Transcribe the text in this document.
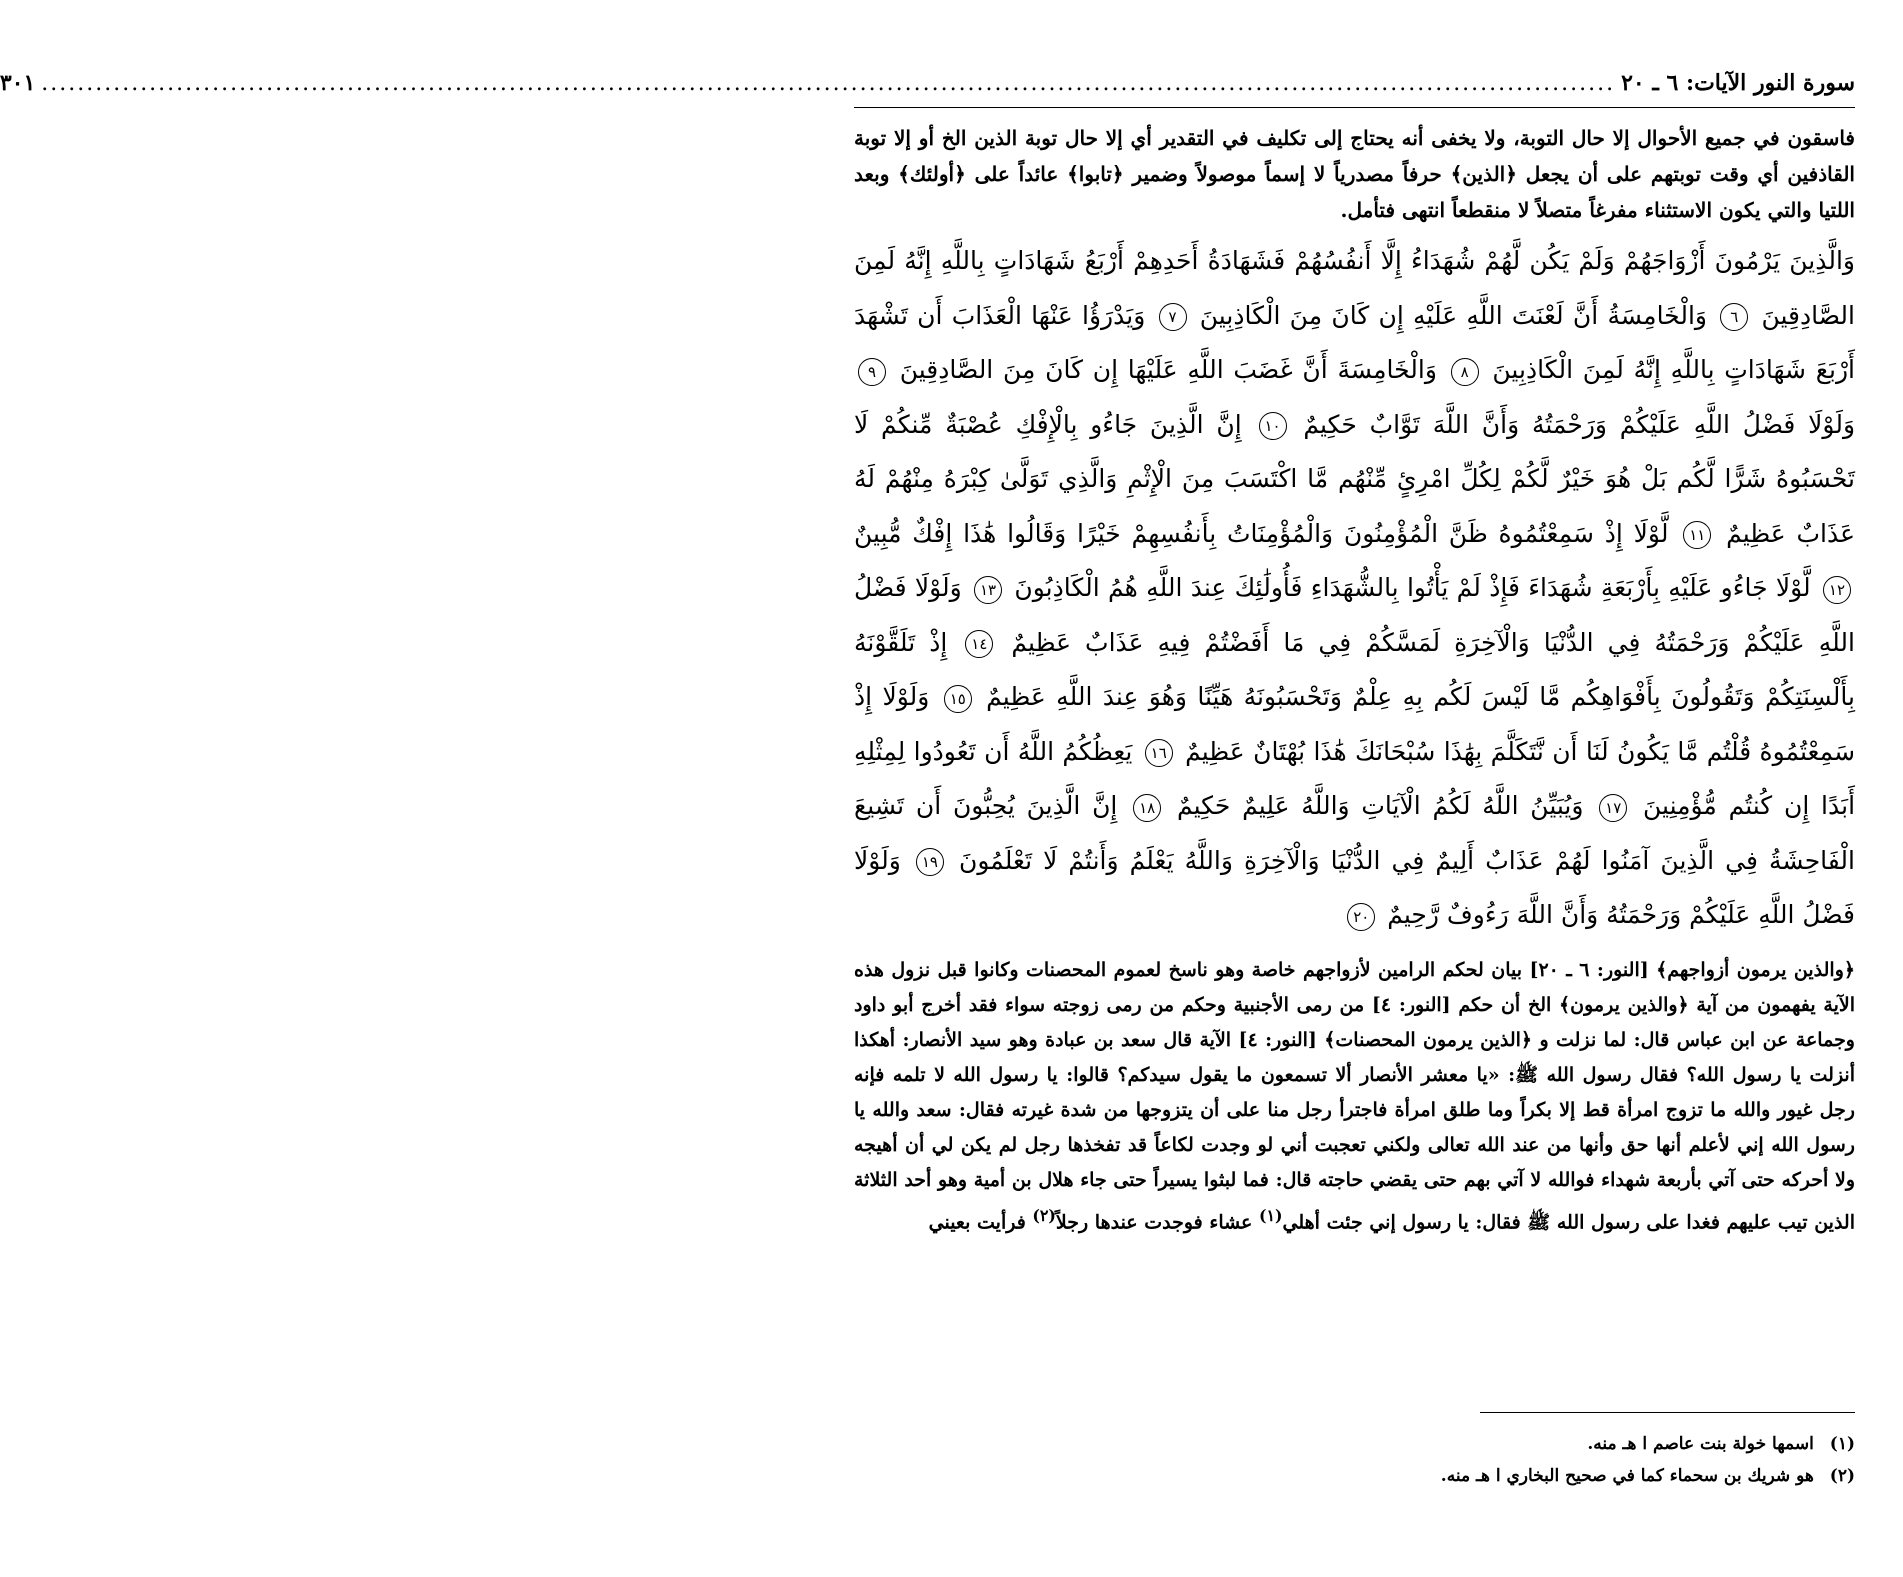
سورة النور الآيات: ٦ ـ ٢٠
...............................................................................................................................................................................
٣٠١

فاسقون في جميع الأحوال إلا حال التوبة، ولا يخفى أنه يحتاج إلى تكليف في التقدير أي إلا حال توبة الذين الخ أو إلا توبة القاذفين أي وقت توبتهم على أن يجعل ﴿الذين﴾ حرفاً مصدرياً لا إسماً موصولاً وضمير ﴿تابوا﴾ عائداً على ﴿أولئك﴾ وبعد اللتيا والتي يكون الاستثناء مفرغاً متصلاً لا منقطعاً انتهى فتأمل.

وَالَّذِينَ يَرْمُونَ أَزْوَاجَهُمْ وَلَمْ يَكُن لَّهُمْ شُهَدَاءُ إِلَّا أَنفُسُهُمْ فَشَهَادَةُ أَحَدِهِمْ أَرْبَعُ شَهَادَاتٍ بِاللَّهِ إِنَّهُ لَمِنَ الصَّادِقِينَ ٦ وَالْخَامِسَةُ أَنَّ لَعْنَتَ اللَّهِ عَلَيْهِ إِن كَانَ مِنَ الْكَاذِبِينَ ٧ وَيَدْرَؤُا عَنْهَا الْعَذَابَ أَن تَشْهَدَ أَرْبَعَ شَهَادَاتٍ بِاللَّهِ إِنَّهُ لَمِنَ الْكَاذِبِينَ ٨ وَالْخَامِسَةَ أَنَّ غَضَبَ اللَّهِ عَلَيْهَا إِن كَانَ مِنَ الصَّادِقِينَ ٩ وَلَوْلَا فَضْلُ اللَّهِ عَلَيْكُمْ وَرَحْمَتُهُ وَأَنَّ اللَّهَ تَوَّابٌ حَكِيمٌ ١٠ إِنَّ الَّذِينَ جَاءُو بِالْإِفْكِ عُصْبَةٌ مِّنكُمْ لَا تَحْسَبُوهُ شَرًّا لَّكُم بَلْ هُوَ خَيْرٌ لَّكُمْ لِكُلِّ امْرِئٍ مِّنْهُم مَّا اكْتَسَبَ مِنَ الْإِثْمِ وَالَّذِي تَوَلَّىٰ كِبْرَهُ مِنْهُمْ لَهُ عَذَابٌ عَظِيمٌ ١١ لَّوْلَا إِذْ سَمِعْتُمُوهُ ظَنَّ الْمُؤْمِنُونَ وَالْمُؤْمِنَاتُ بِأَنفُسِهِمْ خَيْرًا وَقَالُوا هَٰذَا إِفْكٌ مُّبِينٌ ١٢ لَّوْلَا جَاءُو عَلَيْهِ بِأَرْبَعَةِ شُهَدَاءَ فَإِذْ لَمْ يَأْتُوا بِالشُّهَدَاءِ فَأُولَٰئِكَ عِندَ اللَّهِ هُمُ الْكَاذِبُونَ ١٣ وَلَوْلَا فَضْلُ اللَّهِ عَلَيْكُمْ وَرَحْمَتُهُ فِي الدُّنْيَا وَالْآخِرَةِ لَمَسَّكُمْ فِي مَا أَفَضْتُمْ فِيهِ عَذَابٌ عَظِيمٌ ١٤ إِذْ تَلَقَّوْنَهُ بِأَلْسِنَتِكُمْ وَتَقُولُونَ بِأَفْوَاهِكُم مَّا لَيْسَ لَكُم بِهِ عِلْمٌ وَتَحْسَبُونَهُ هَيِّنًا وَهُوَ عِندَ اللَّهِ عَظِيمٌ ١٥ وَلَوْلَا إِذْ سَمِعْتُمُوهُ قُلْتُم مَّا يَكُونُ لَنَا أَن نَّتَكَلَّمَ بِهَٰذَا سُبْحَانَكَ هَٰذَا بُهْتَانٌ عَظِيمٌ ١٦ يَعِظُكُمُ اللَّهُ أَن تَعُودُوا لِمِثْلِهِ أَبَدًا إِن كُنتُم مُّؤْمِنِينَ ١٧ وَيُبَيِّنُ اللَّهُ لَكُمُ الْآيَاتِ وَاللَّهُ عَلِيمٌ حَكِيمٌ ١٨ إِنَّ الَّذِينَ يُحِبُّونَ أَن تَشِيعَ الْفَاحِشَةُ فِي الَّذِينَ آمَنُوا لَهُمْ عَذَابٌ أَلِيمٌ فِي الدُّنْيَا وَالْآخِرَةِ وَاللَّهُ يَعْلَمُ وَأَنتُمْ لَا تَعْلَمُونَ ١٩ وَلَوْلَا فَضْلُ اللَّهِ عَلَيْكُمْ وَرَحْمَتُهُ وَأَنَّ اللَّهَ رَءُوفٌ رَّحِيمٌ ٢٠

﴿والذين يرمون أزواجهم﴾ [النور: ٦ ـ ٢٠] بيان لحكم الرامين لأزواجهم خاصة وهو ناسخ لعموم المحصنات وكانوا قبل نزول هذه الآية يفهمون من آية ﴿والذين يرمون﴾ الخ أن حكم [النور: ٤] من رمى الأجنبية وحكم من رمى زوجته سواء فقد أخرج أبو داود وجماعة عن ابن عباس قال: لما نزلت و ﴿الذين يرمون المحصنات﴾ [النور: ٤] الآية قال سعد بن عبادة وهو سيد الأنصار: أهكذا أنزلت يا رسول الله؟ فقال رسول الله ﷺ: «يا معشر الأنصار ألا تسمعون ما يقول سيدكم؟ قالوا: يا رسول الله لا تلمه فإنه رجل غيور والله ما تزوج امرأة قط إلا بكراً وما طلق امرأة فاجترأ رجل منا على أن يتزوجها من شدة غيرته فقال: سعد والله يا رسول الله إني لأعلم أنها حق وأنها من عند الله تعالى ولكني تعجبت أني لو وجدت لكاعاً قد تفخذها رجل لم يكن لي أن أهيجه ولا أحركه حتى آتي بأربعة شهداء فوالله لا آتي بهم حتى يقضي حاجته قال: فما لبثوا يسيراً حتى جاء هلال بن أمية وهو أحد الثلاثة الذين تيب عليهم فغدا على رسول الله ﷺ فقال: يا رسول إني جئت أهلي$^{(١)}$ عشاء فوجدت عندها رجلاً$^{(٢)}$ فرأيت بعيني

(١) اسمها خولة بنت عاصم ا هـ منه.
(٢) هو شريك بن سحماء كما في صحيح البخاري ا هـ منه.
